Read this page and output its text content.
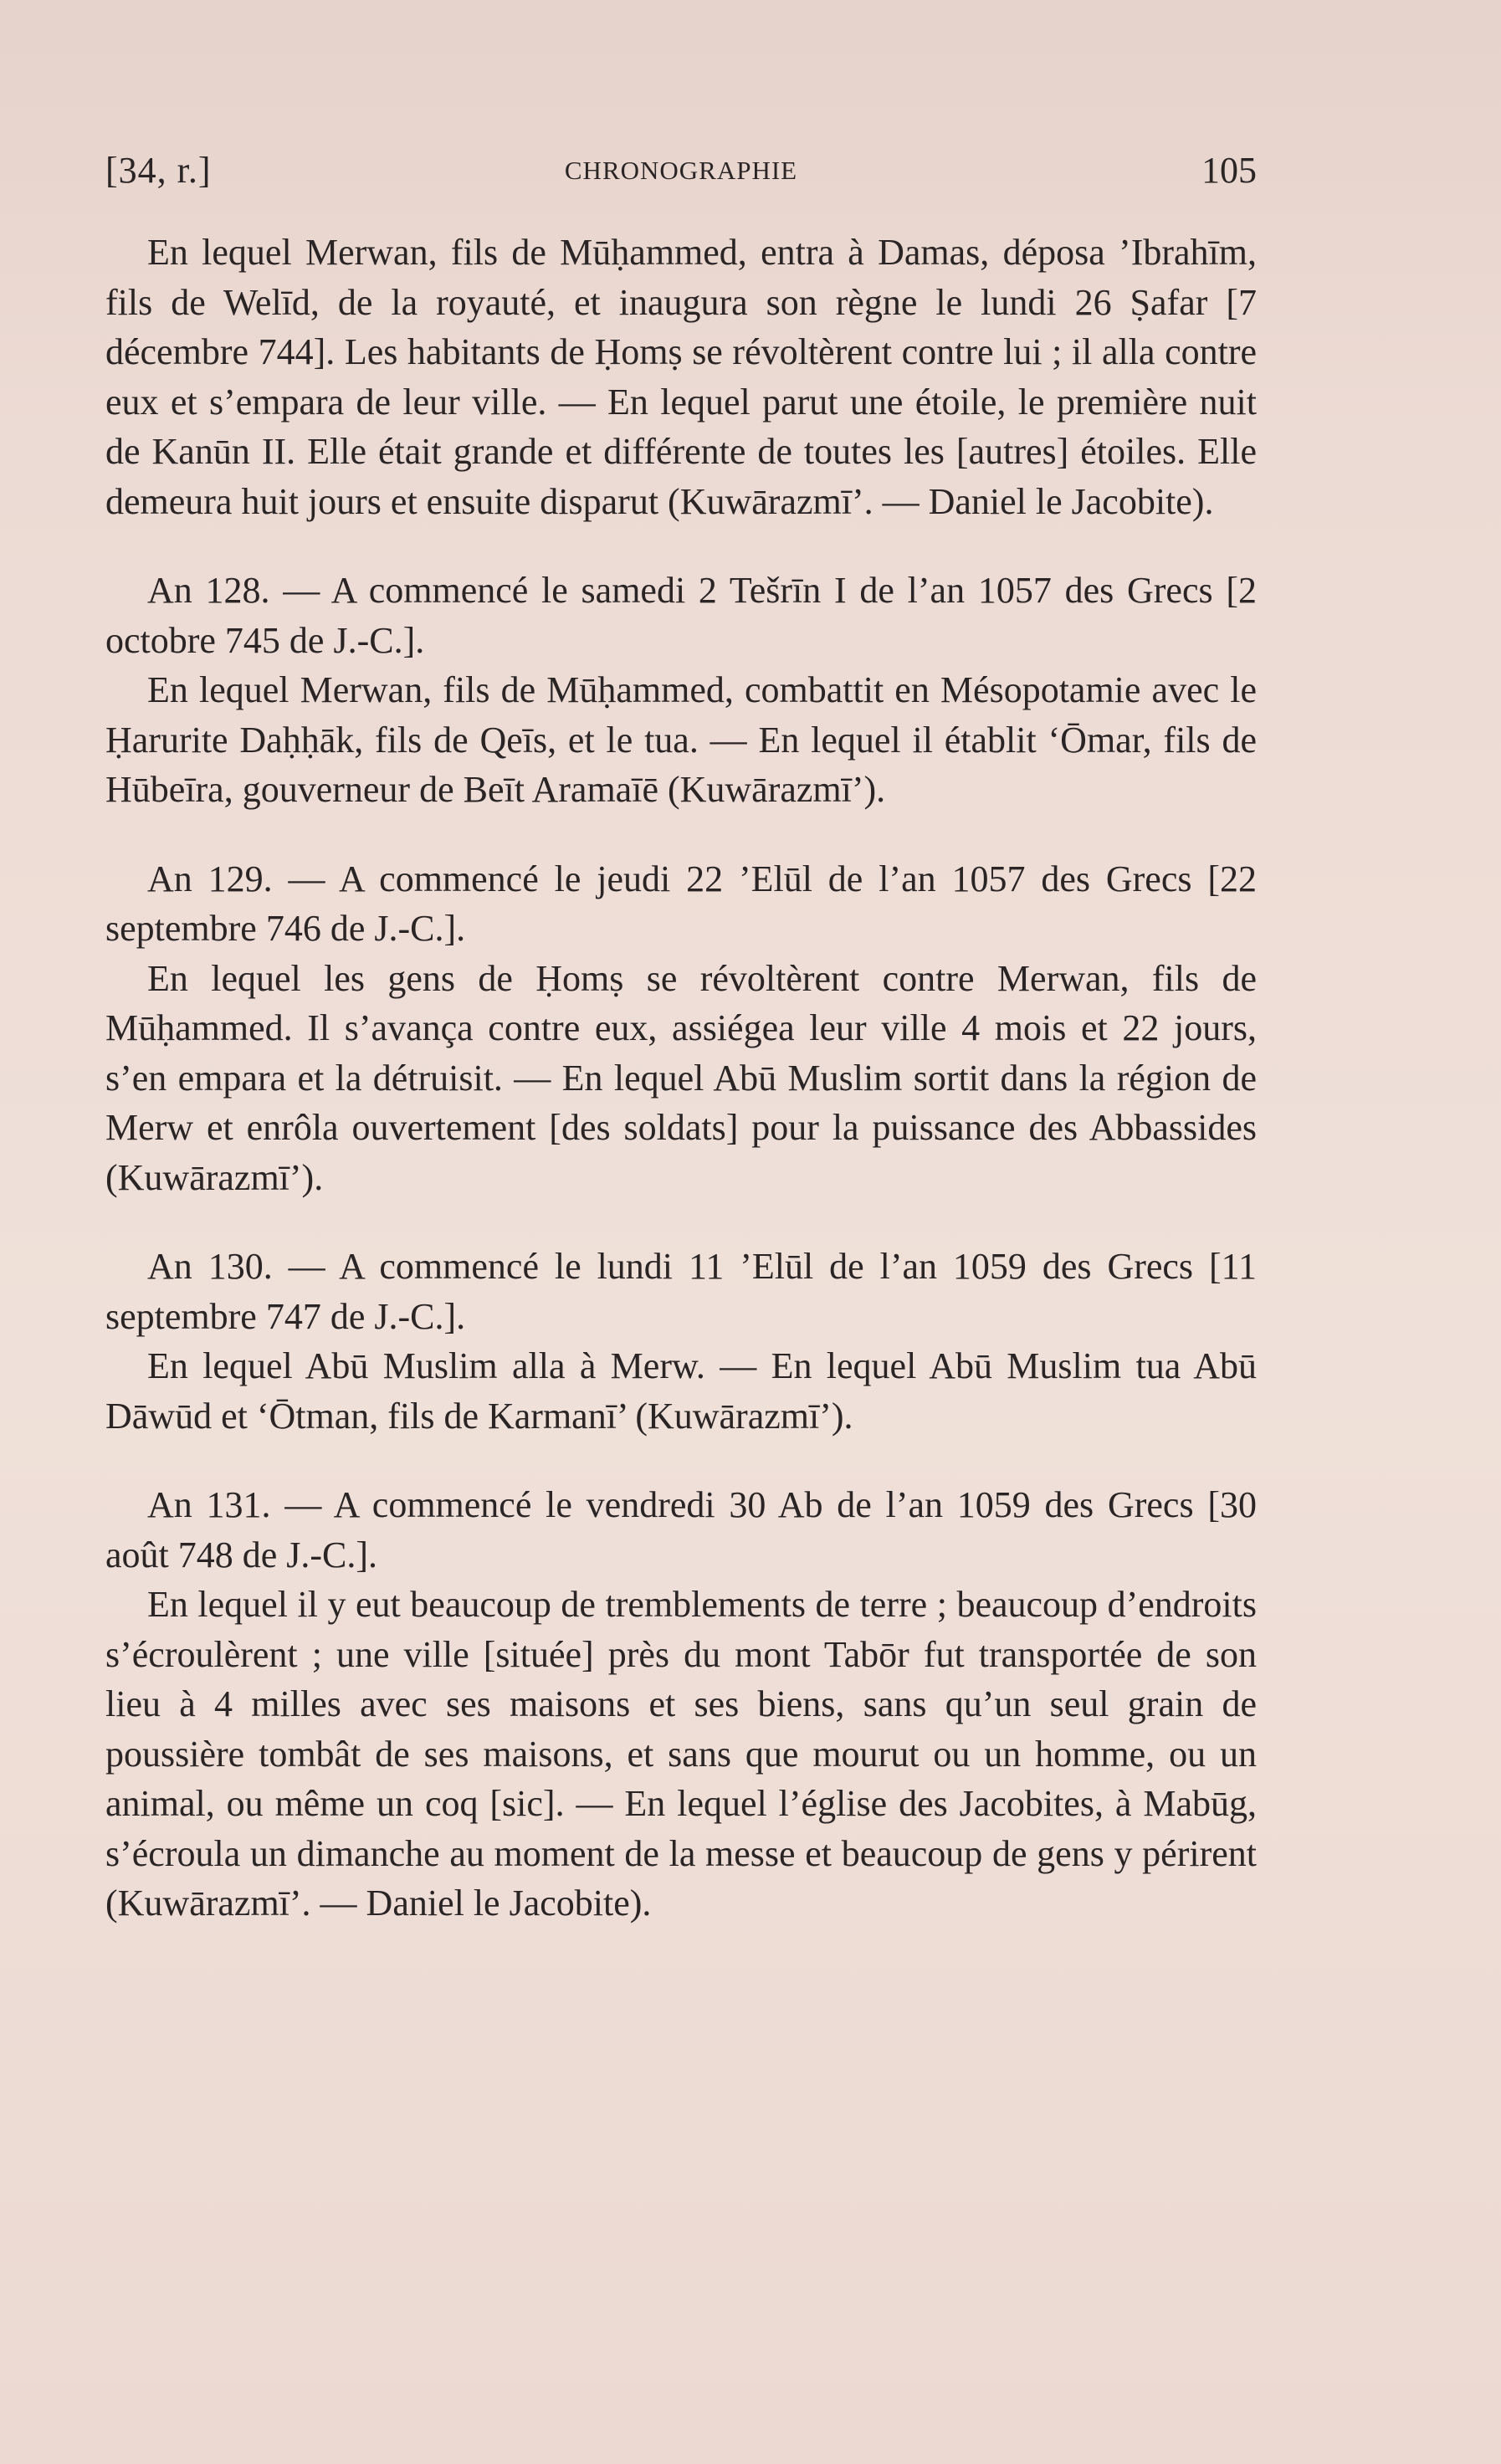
[34, r.]	CHRONOGRAPHIE	105

En lequel Merwan, fils de Mūḥammed, entra à Damas, déposa ’Ibrahīm, fils de Welīd, de la royauté, et inaugura son règne le lundi 26 Ṣafar [7 décembre 744]. Les habitants de Ḥomṣ se révoltèrent contre lui ; il alla contre eux et s’empara de leur ville. — En lequel parut une étoile, le première nuit de Kanūn II. Elle était grande et différente de toutes les [autres] étoiles. Elle demeura huit jours et ensuite disparut (Kuwārazmī’. — Daniel le Jacobite).

An 128. — A commencé le samedi 2 Tešrīn I de l’an 1057 des Grecs [2 octobre 745 de J.-C.].

En lequel Merwan, fils de Mūḥammed, combattit en Mésopotamie avec le Ḥarurite Daḥḥāk, fils de Qeīs, et le tua. — En lequel il établit ‘Ōmar, fils de Hūbeīra, gouverneur de Beīt Aramaīē (Kuwārazmī’).

An 129. — A commencé le jeudi 22 ’Elūl de l’an 1057 des Grecs [22 septembre 746 de J.-C.].

En lequel les gens de Ḥomṣ se révoltèrent contre Merwan, fils de Mūḥammed. Il s’avança contre eux, assiégea leur ville 4 mois et 22 jours, s’en empara et la détruisit. — En lequel Abū Muslim sortit dans la région de Merw et enrôla ouvertement [des soldats] pour la puissance des Abbassides (Kuwārazmī’).

An 130. — A commencé le lundi 11 ’Elūl de l’an 1059 des Grecs [11 septembre 747 de J.-C.].

En lequel Abū Muslim alla à Merw. — En lequel Abū Muslim tua Abū Dāwūd et ‘Ōtman, fils de Karmanī’ (Kuwārazmī’).

An 131. — A commencé le vendredi 30 Ab de l’an 1059 des Grecs [30 août 748 de J.-C.].

En lequel il y eut beaucoup de tremblements de terre ; beaucoup d’endroits s’écroulèrent ; une ville [située] près du mont Tabōr fut transportée de son lieu à 4 milles avec ses maisons et ses biens, sans qu’un seul grain de poussière tombât de ses maisons, et sans que mourut ou un homme, ou un animal, ou même un coq [sic]. — En lequel l’église des Jacobites, à Mabūg, s’écroula un dimanche au moment de la messe et beaucoup de gens y périrent (Kuwārazmī’. — Daniel le Jacobite).
